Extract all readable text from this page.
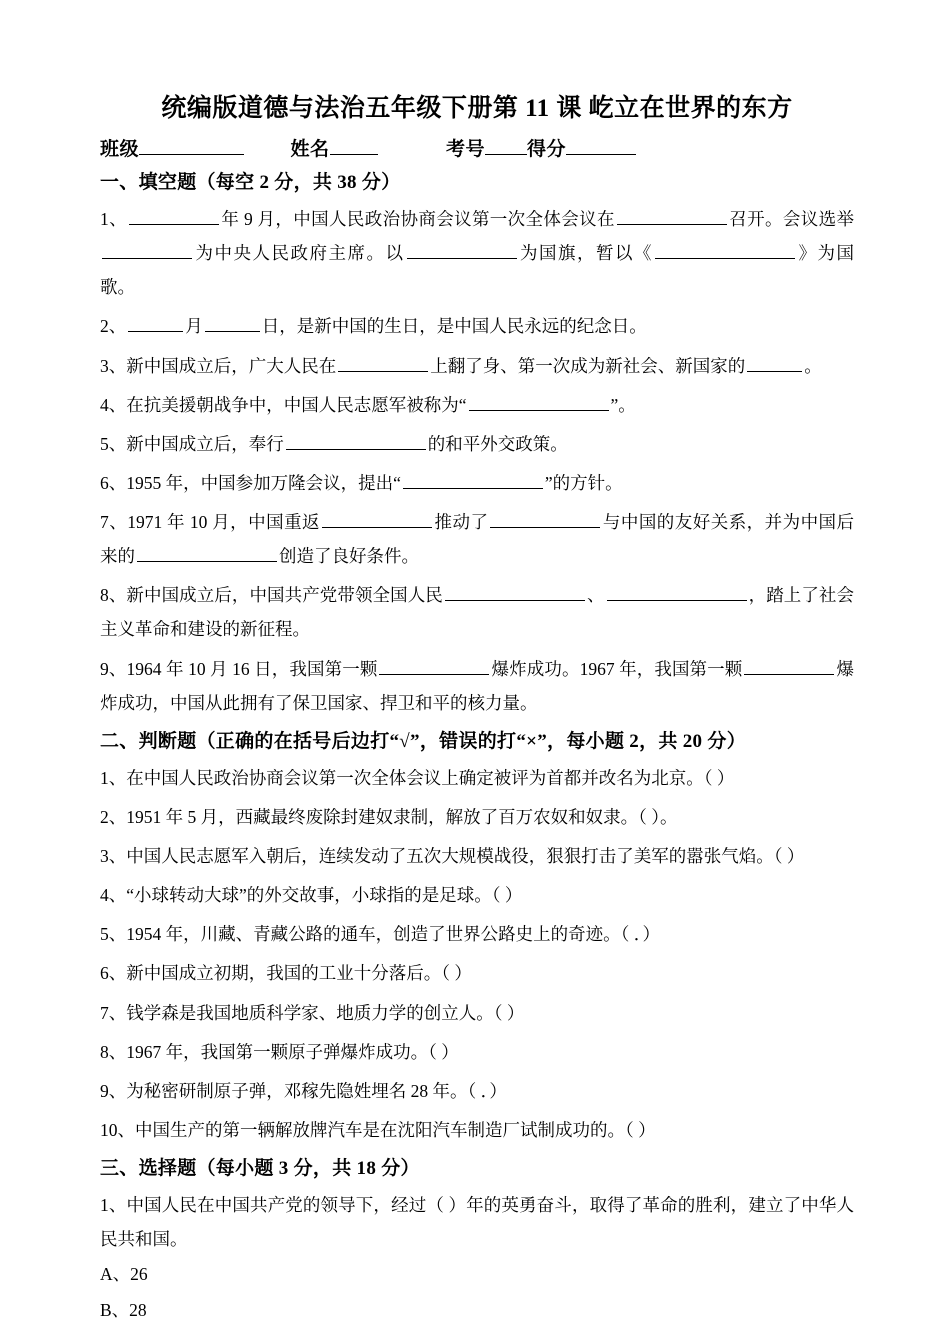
统编版道德与法治五年级下册第 11 课 屹立在世界的东方
班级	姓名	考号 得分
一、填空题（每空 2 分，共 38 分）
1、	年 9 月，中国人民政治协商会议第一次全体会议在	召开。会议选举为中央人民政府主席。以	为国旗，暂以《	》为国歌。
2、	月	日，是新中国的生日，是中国人民永远的纪念日。
3、新中国成立后，广大人民在	上翻了身、第一次成为新社会、新国家的	。
4、在抗美援朝战争中，中国人民志愿军被称为“	”。
5、新中国成立后，奉行	的和平外交政策。
6、1955 年，中国参加万隆会议，提出“	”的方针。
7、1971 年 10 月，中国重返	推动了	与中国的友好关系，并为中国后来的	创造了良好条件。
8、新中国成立后，中国共产党带领全国人民	、	，踏上了社会主义革命和建设的新征程。
9、1964 年 10 月 16 日，我国第一颗	爆炸成功。1967 年，我国第一颗	爆炸成功，中国从此拥有了保卫国家、捍卫和平的核力量。
二、判断题（正确的在括号后边打“√”，错误的打“×”，每小题 2，共 20 分）
1、在中国人民政治协商会议第一次全体会议上确定被评为首都并改名为北京。（ ）
2、1951 年 5 月，西藏最终废除封建奴隶制，解放了百万农奴和奴隶。（ ）。
3、中国人民志愿军入朝后，连续发动了五次大规模战役，狠狠打击了美军的嚣张气焰。（ ）
4、“小球转动大球”的外交故事，小球指的是足球。（ ）
5、1954 年，川藏、青藏公路的通车，创造了世界公路史上的奇迹。（ ．）
6、新中国成立初期，我国的工业十分落后。（ ）
7、钱学森是我国地质科学家、地质力学的创立人。（ ）
8、1967 年，我国第一颗原子弹爆炸成功。（ ）
9、为秘密研制原子弹，邓稼先隐姓埋名 28 年。（ ．）
10、中国生产的第一辆解放牌汽车是在沈阳汽车制造厂试制成功的。（ ）
三、选择题（每小题 3 分，共 18 分）
1、中国人民在中国共产党的领导下，经过（ ）年的英勇奋斗，取得了革命的胜利，建立了中华人民共和国。
A、26
B、28
